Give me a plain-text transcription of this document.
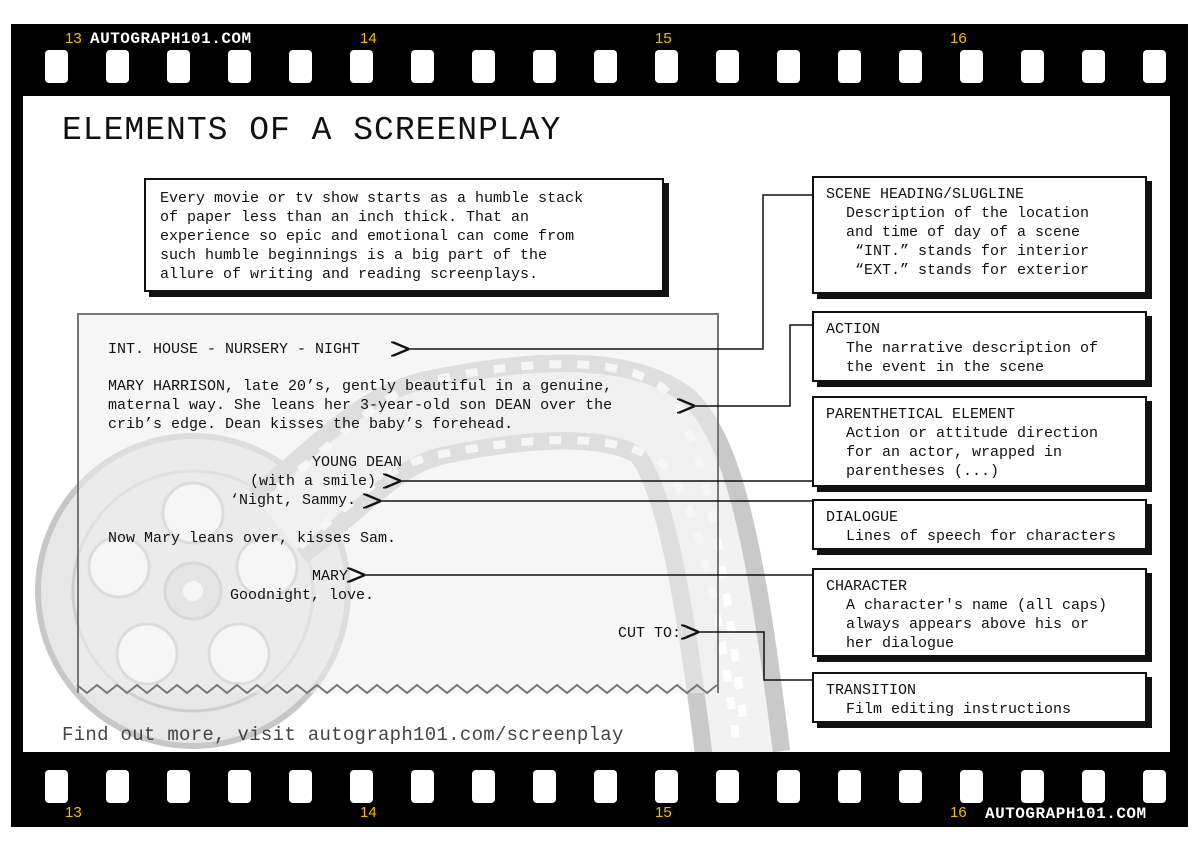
13	14	15	16
AUTOGRAPH101.COM
13	14	15	16 AUTOGRAPH101.COM
ELEMENTS OF A SCREENPLAY
Every movie or tv show starts as a humble stack
of paper less than an inch thick. That an
experience so epic and emotional can come from
such humble beginnings is a big part of the
allure of writing and reading screenplays.
INT. HOUSE - NURSERY - NIGHT
MARY HARRISON, late 20’s, gently beautiful in a genuine,
maternal way. She leans her 3-year-old son DEAN over the
crib’s edge. Dean kisses the baby’s forehead.
YOUNG DEAN
(with a smile)
‘Night, Sammy.
Now Mary leans over, kisses Sam.
MARY
Goodnight, love.
CUT TO:
SCENE HEADING/SLUGLINE
Description of the location
and time of day of a scene
“INT.” stands for interior
“EXT.” stands for exterior
ACTION
The narrative description of
the event in the scene
PARENTHETICAL ELEMENT
Action or attitude direction
for an actor, wrapped in
parentheses (...)
DIALOGUE
Lines of speech for characters
CHARACTER
A character's name (all caps)
always appears above his or
her dialogue
TRANSITION
Film editing instructions
Find out more, visit autograph101.com/screenplay
